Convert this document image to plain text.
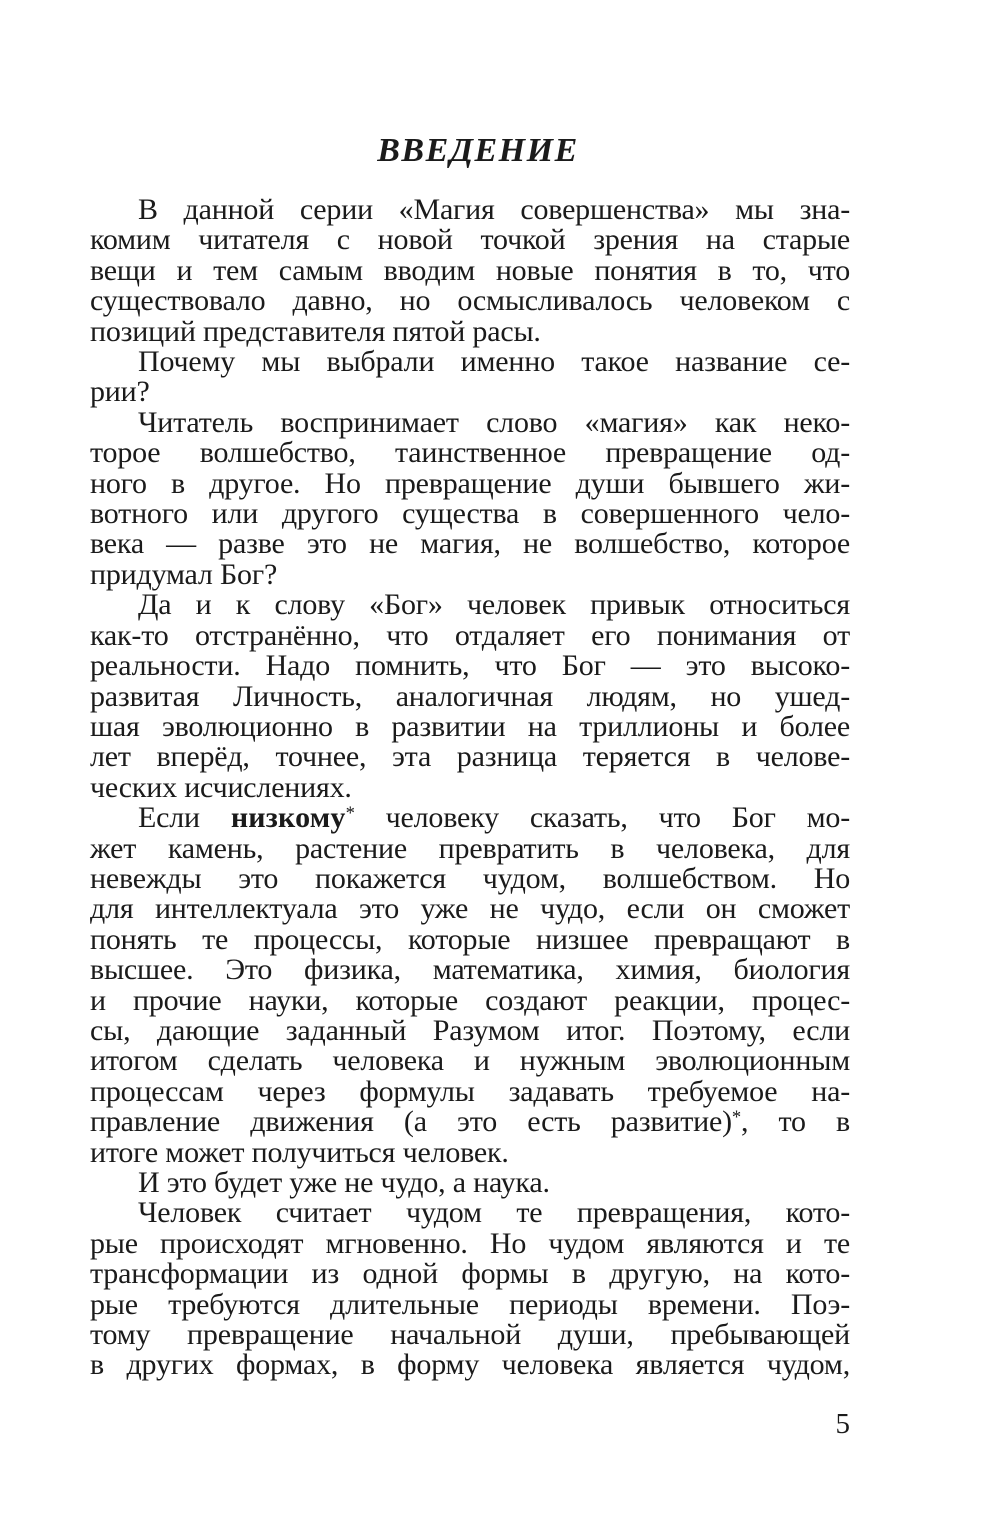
ВВЕДЕНИЕ
В данной серии «Магия совершенства» мы зна-
комим читателя с новой точкой зрения на старые
вещи и тем самым вводим новые понятия в то, что
существовало давно, но осмысливалось человеком с
позиций представителя пятой расы.
Почему мы выбрали именно такое название се-
рии?
Читатель воспринимает слово «магия» как неко-
торое волшебство, таинственное превращение од-
ного в другое. Но превращение души бывшего жи-
вотного или другого существа в совершенного чело-
века — разве это не магия, не волшебство, которое
придумал Бог?
Да и к слову «Бог» человек привык относиться
как-то отстранённо, что отдаляет его понимания от
реальности. Надо помнить, что Бог — это высоко-
развитая Личность, аналогичная людям, но ушед-
шая эволюционно в развитии на триллионы и более
лет вперёд, точнее, эта разница теряется в челове-
ческих исчислениях.
Если низкому* человеку сказать, что Бог мо-
жет камень, растение превратить в человека, для
невежды это покажется чудом, волшебством. Но
для интеллектуала это уже не чудо, если он сможет
понять те процессы, которые низшее превращают в
высшее. Это физика, математика, химия, биология
и прочие науки, которые создают реакции, процес-
сы, дающие заданный Разумом итог. Поэтому, если
итогом сделать человека и нужным эволюционным
процессам через формулы задавать требуемое на-
правление движения (а это есть развитие)*, то в
итоге может получиться человек.
И это будет уже не чудо, а наука.
Человек считает чудом те превращения, кото-
рые происходят мгновенно. Но чудом являются и те
трансформации из одной формы в другую, на кото-
рые требуются длительные периоды времени. Поэ-
тому превращение начальной души, пребывающей
в других формах, в форму человека является чудом,
5
